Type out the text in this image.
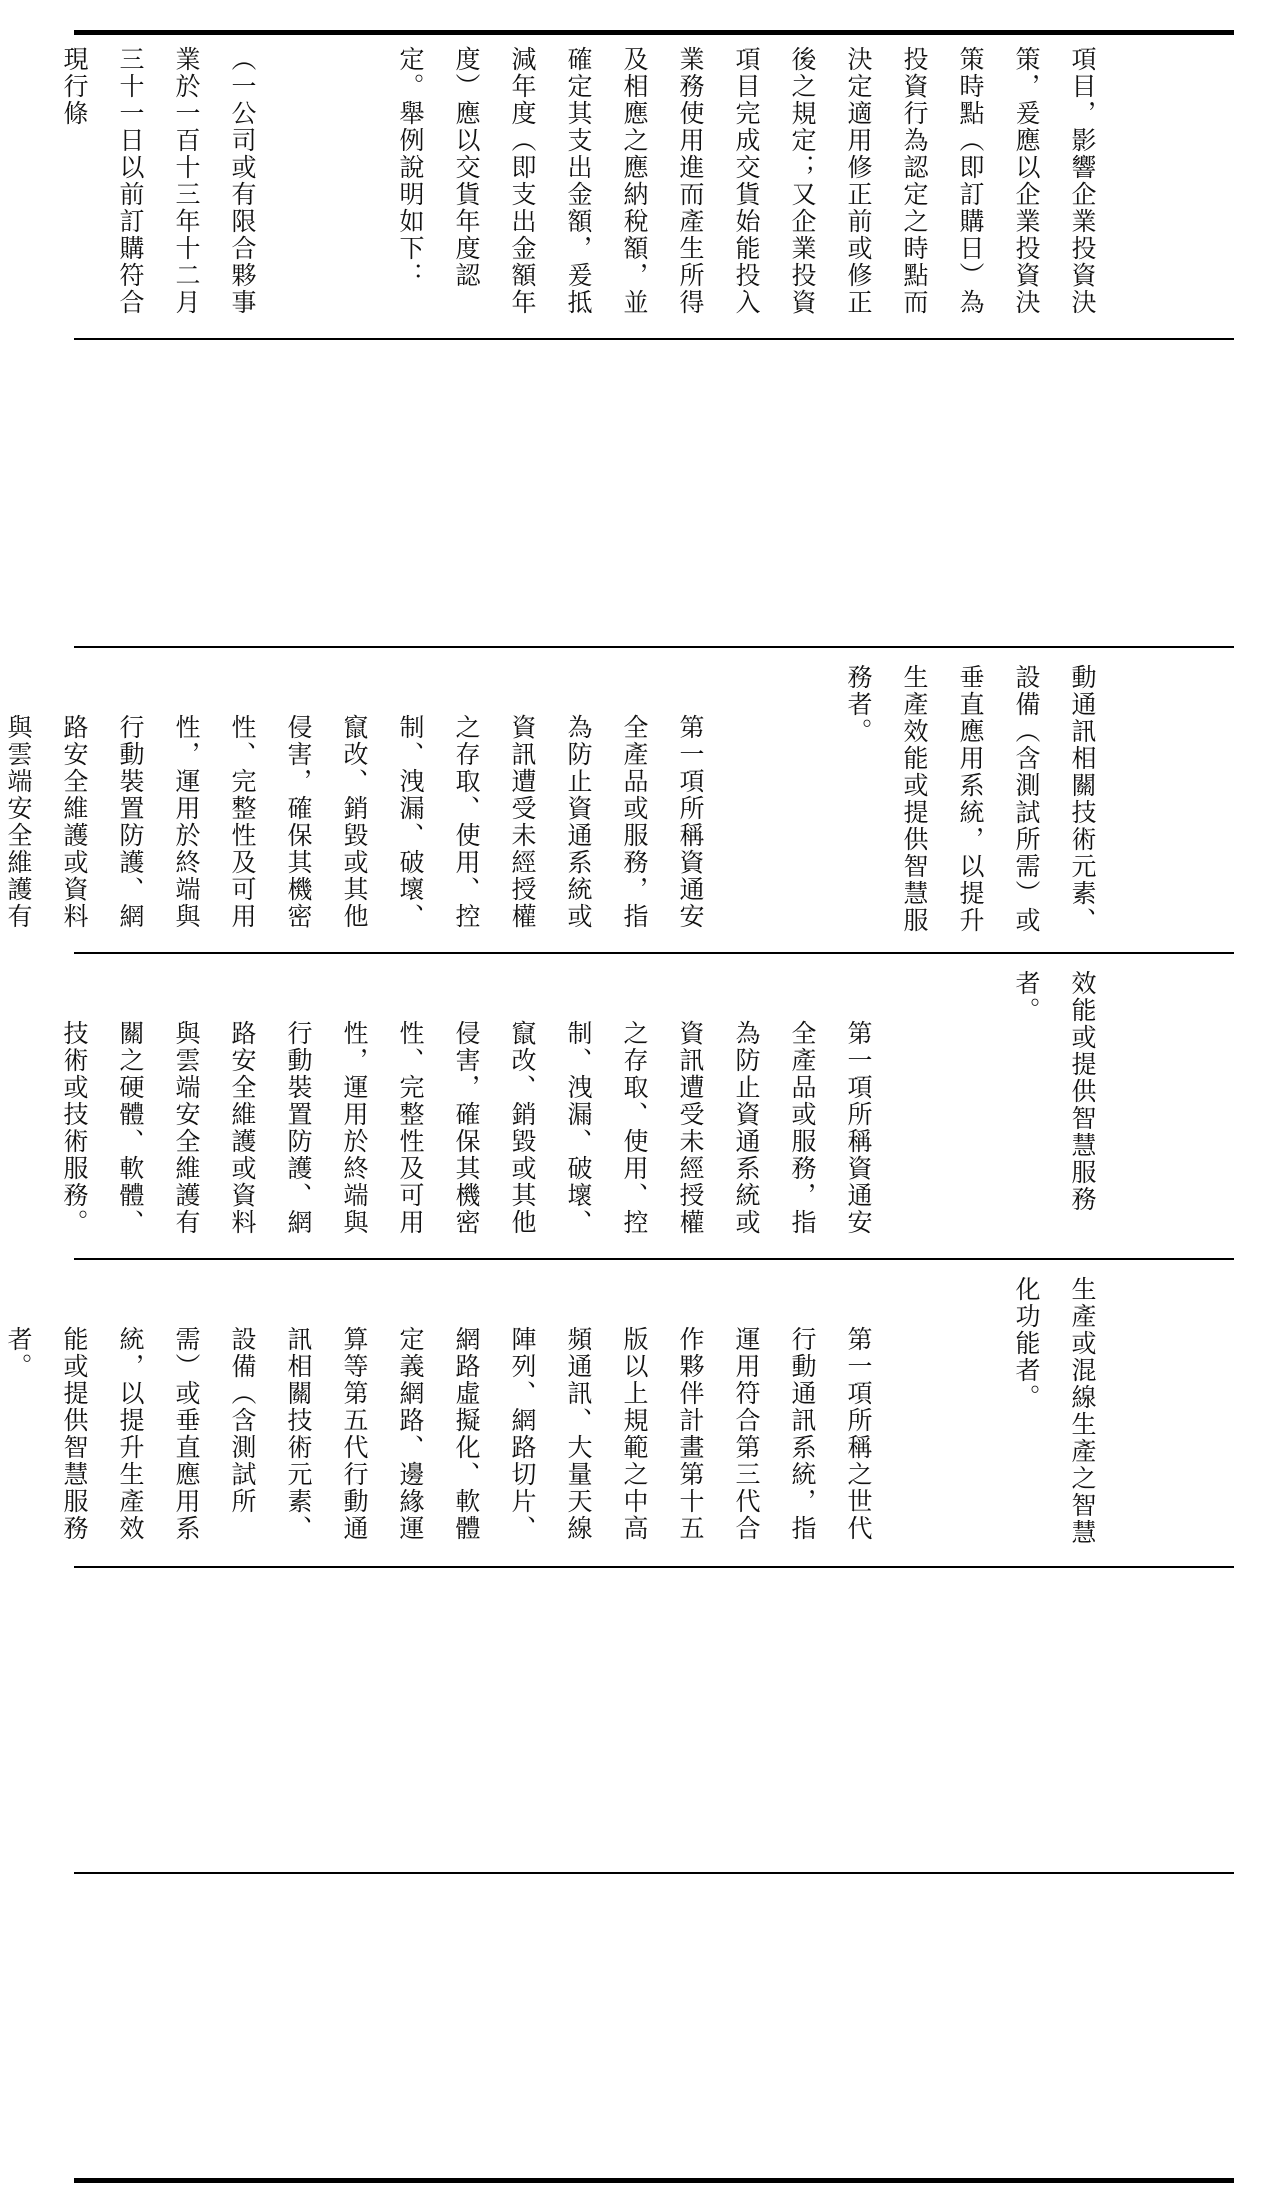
項目，影響企業投資決策，爰應以企業投資決策時點（即訂購日）為投資行為認定之時點而決定適用修正前或修正後之規定；又企業投資項目完成交貨始能投入業務使用進而產生所得及相應之應納稅額，並確定其支出金額，爰抵減年度（即支出金額年度）應以交貨年度認定。舉例說明如下：

（一公司或有限合夥事業於一百十三年十二月三十一日以前訂購符合現行條

動通訊相關技術元素、設備（含測試所需）或垂直應用系統，以提升生產效能或提供智慧服務者。

第一項所稱資通安全產品或服務，指為防止資通系統或資訊遭受未經授權之存取、使用、控制、洩漏、破壞、竄改、銷毀或其他侵害，確保其機密性、完整性及可用性，運用於終端與行動裝置防護、網路安全維護或資料與雲端安全維護有

效能或提供智慧服務者。

第一項所稱資通安全產品或服務，指為防止資通系統或資訊遭受未經授權之存取、使用、控制、洩漏、破壞、竄改、銷毀或其他侵害，確保其機密性、完整性及可用性，運用於終端與行動裝置防護、網路安全維護或資料與雲端安全維護有關之硬體、軟體、技術或技術服務。

生產或混線生產之智慧化功能者。

第一項所稱之世代行動通訊系統，指運用符合第三代合作夥伴計畫第十五版以上規範之中高頻通訊、大量天線陣列、網路切片、網路虛擬化、軟體定義網路、邊緣運算等第五代行動通訊相關技術元素、設備（含測試所需）或垂直應用系統，以提升生產效能或提供智慧服務者。
